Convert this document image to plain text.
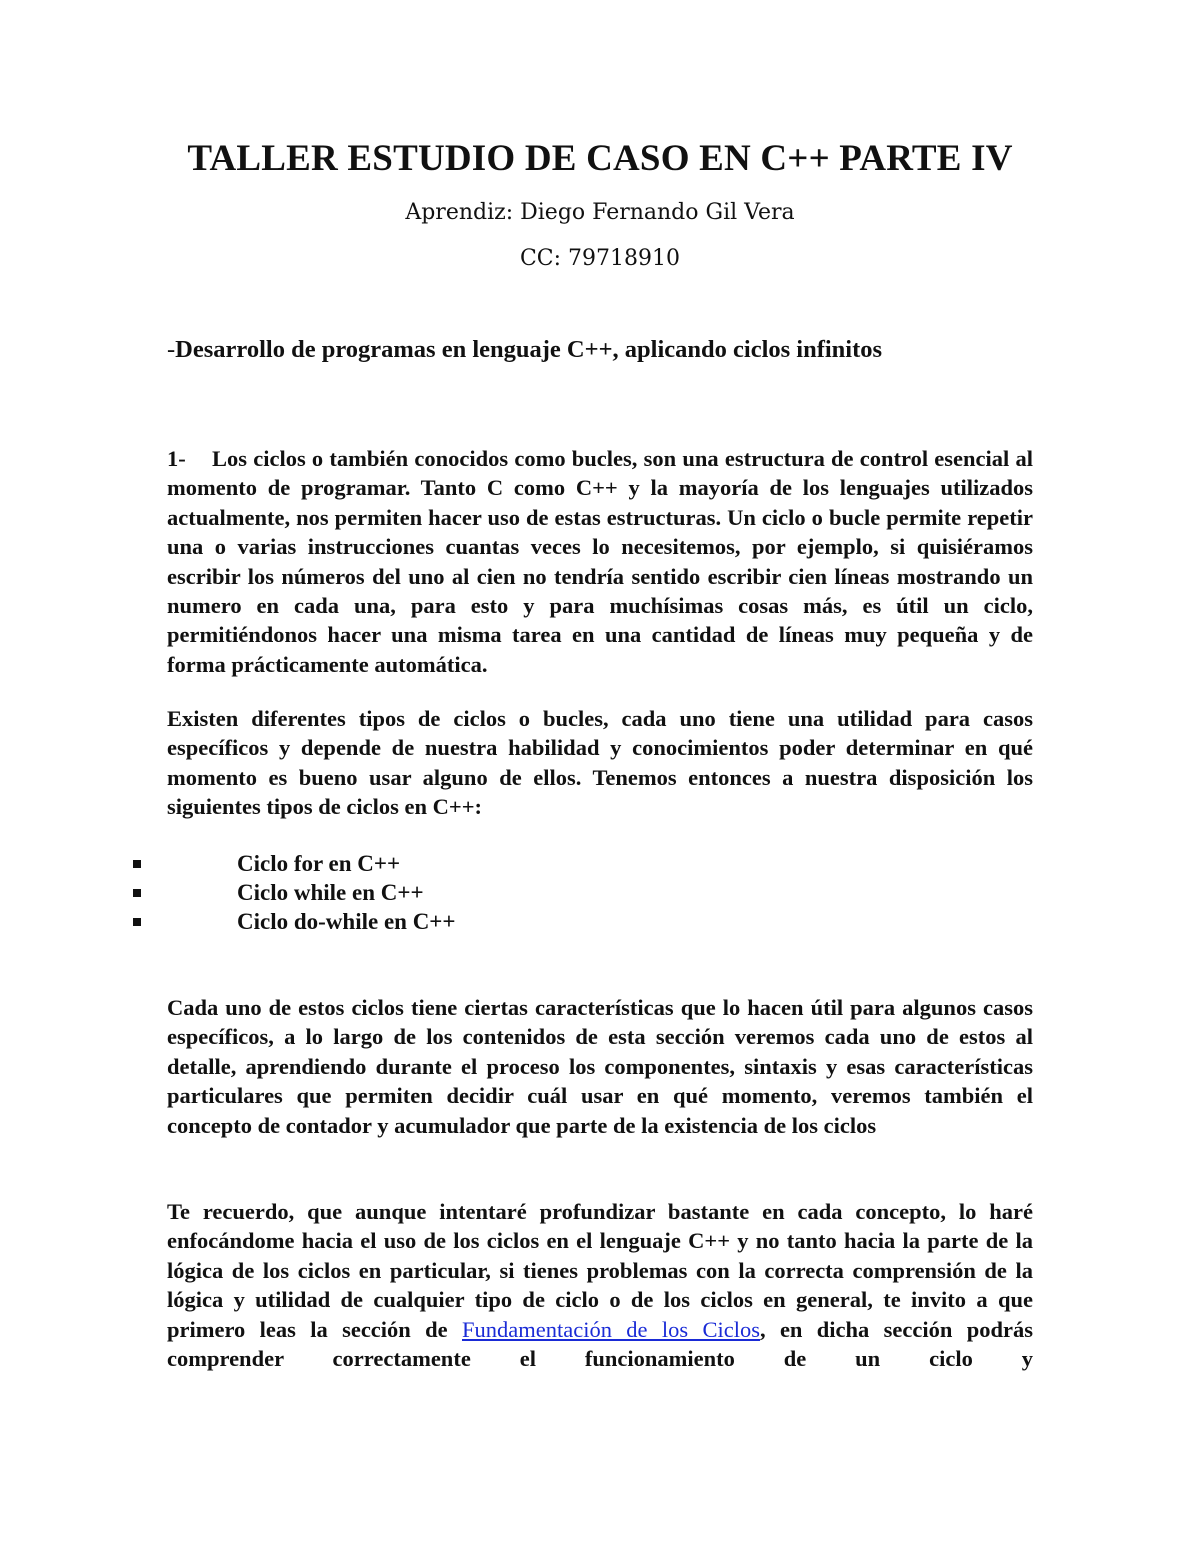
TALLER ESTUDIO DE CASO EN C++ PARTE IV
Aprendiz: Diego Fernando Gil Vera
CC: 79718910
-Desarrollo de programas en lenguaje C++, aplicando ciclos infinitos
1- Los ciclos o también conocidos como bucles, son una estructura de control esencial al momento de programar. Tanto C como C++ y la mayoría de los lenguajes utilizados actualmente, nos permiten hacer uso de estas estructuras. Un ciclo o bucle permite repetir una o varias instrucciones cuantas veces lo necesitemos, por ejemplo, si quisiéramos escribir los números del uno al cien no tendría sentido escribir cien líneas mostrando un numero en cada una, para esto y para muchísimas cosas más, es útil un ciclo, permitiéndonos hacer una misma tarea en una cantidad de líneas muy pequeña y de forma prácticamente automática.
Existen diferentes tipos de ciclos o bucles, cada uno tiene una utilidad para casos específicos y depende de nuestra habilidad y conocimientos poder determinar en qué momento es bueno usar alguno de ellos. Tenemos entonces a nuestra disposición los siguientes tipos de ciclos en C++:
Ciclo for en C++
Ciclo while en C++
Ciclo do-while en C++
Cada uno de estos ciclos tiene ciertas características que lo hacen útil para algunos casos específicos, a lo largo de los contenidos de esta sección veremos cada uno de estos al detalle, aprendiendo durante el proceso los componentes, sintaxis y esas características particulares que permiten decidir cuál usar en qué momento, veremos también el concepto de contador y acumulador que parte de la existencia de los ciclos
Te recuerdo, que aunque intentaré profundizar bastante en cada concepto, lo haré enfocándome hacia el uso de los ciclos en el lenguaje C++ y no tanto hacia la parte de la lógica de los ciclos en particular, si tienes problemas con la correcta comprensión de la lógica y utilidad de cualquier tipo de ciclo o de los ciclos en general, te invito a que primero leas la sección de Fundamentación de los Ciclos, en dicha sección podrás comprender correctamente el funcionamiento de un ciclo y
